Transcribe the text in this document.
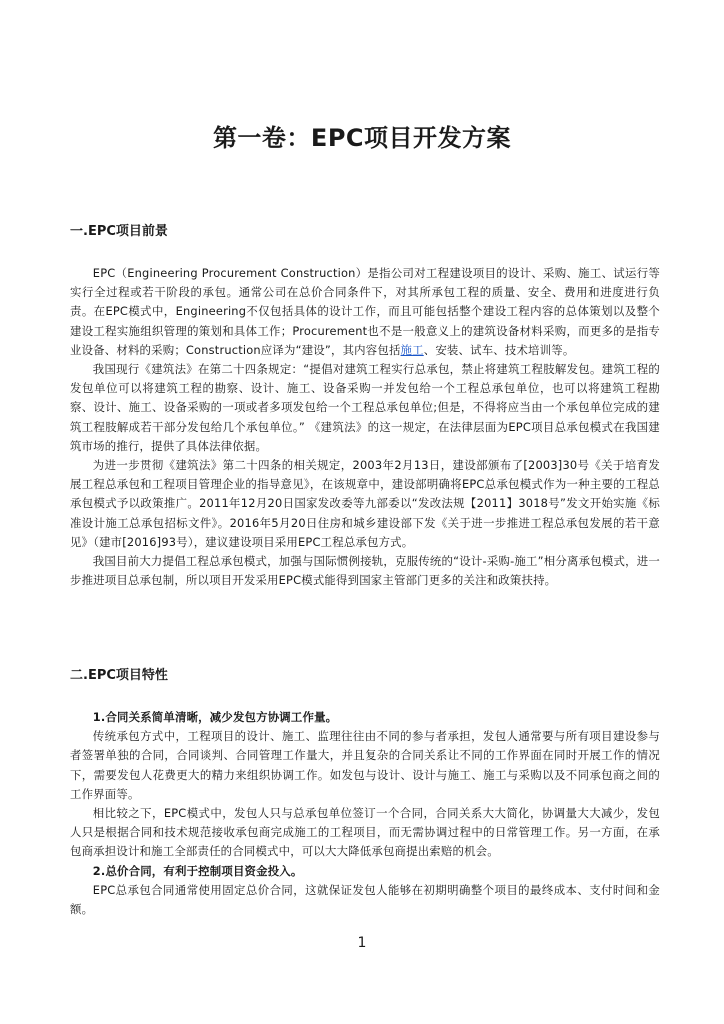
第一卷：EPC项目开发方案
一.EPC项目前景

EPC（Engineering Procurement Construction）是指公司对工程建设项目的设计、采购、施工、试运行等实行全过程或若干阶段的承包。通常公司在总价合同条件下，对其所承包工程的质量、安全、费用和进度进行负责。在EPC模式中，Engineering不仅包括具体的设计工作，而且可能包括整个建设工程内容的总体策划以及整个建设工程实施组织管理的策划和具体工作；Procurement也不是一般意义上的建筑设备材料采购，而更多的是指专业设备、材料的采购；Construction应译为“建设”，其内容包括施工、安装、试车、技术培训等。

我国现行《建筑法》在第二十四条规定：“提倡对建筑工程实行总承包，禁止将建筑工程肢解发包。建筑工程的发包单位可以将建筑工程的勘察、设计、施工、设备采购一并发包给一个工程总承包单位，也可以将建筑工程勘察、设计、施工、设备采购的一项或者多项发包给一个工程总承包单位;但是，不得将应当由一个承包单位完成的建筑工程肢解成若干部分发包给几个承包单位。” 《建筑法》的这一规定，在法律层面为EPC项目总承包模式在我国建筑市场的推行，提供了具体法律依据。

为进一步贯彻《建筑法》第二十四条的相关规定，2003年2月13日，建设部颁布了[2003]30号《关于培育发展工程总承包和工程项目管理企业的指导意见》，在该规章中，建设部明确将EPC总承包模式作为一种主要的工程总承包模式予以政策推广。2011年12月20日国家发改委等九部委以“发改法规【2011】3018号”发文开始实施《标准设计施工总承包招标文件》。2016年5月20日住房和城乡建设部下发《关于进一步推进工程总承包发展的若干意见》（建市[2016]93号），建议建设项目采用EPC工程总承包方式。

我国目前大力提倡工程总承包模式，加强与国际惯例接轨，克服传统的“设计-采购-施工”相分离承包模式，进一步推进项目总承包制，所以项目开发采用EPC模式能得到国家主管部门更多的关注和政策扶持。

二.EPC项目特性

1.合同关系简单清晰，减少发包方协调工作量。

传统承包方式中，工程项目的设计、施工、监理往往由不同的参与者承担，发包人通常要与所有项目建设参与者签署单独的合同，合同谈判、合同管理工作量大，并且复杂的合同关系让不同的工作界面在同时开展工作的情况下，需要发包人花费更大的精力来组织协调工作。如发包与设计、设计与施工、施工与采购以及不同承包商之间的工作界面等。

相比较之下，EPC模式中，发包人只与总承包单位签订一个合同，合同关系大大简化，协调量大大减少，发包人只是根据合同和技术规范接收承包商完成施工的工程项目，而无需协调过程中的日常管理工作。另一方面，在承包商承担设计和施工全部责任的合同模式中，可以大大降低承包商提出索赔的机会。

2.总价合同，有利于控制项目资金投入。

EPC总承包合同通常使用固定总价合同，这就保证发包人能够在初期明确整个项目的最终成本、支付时间和金额。

1
